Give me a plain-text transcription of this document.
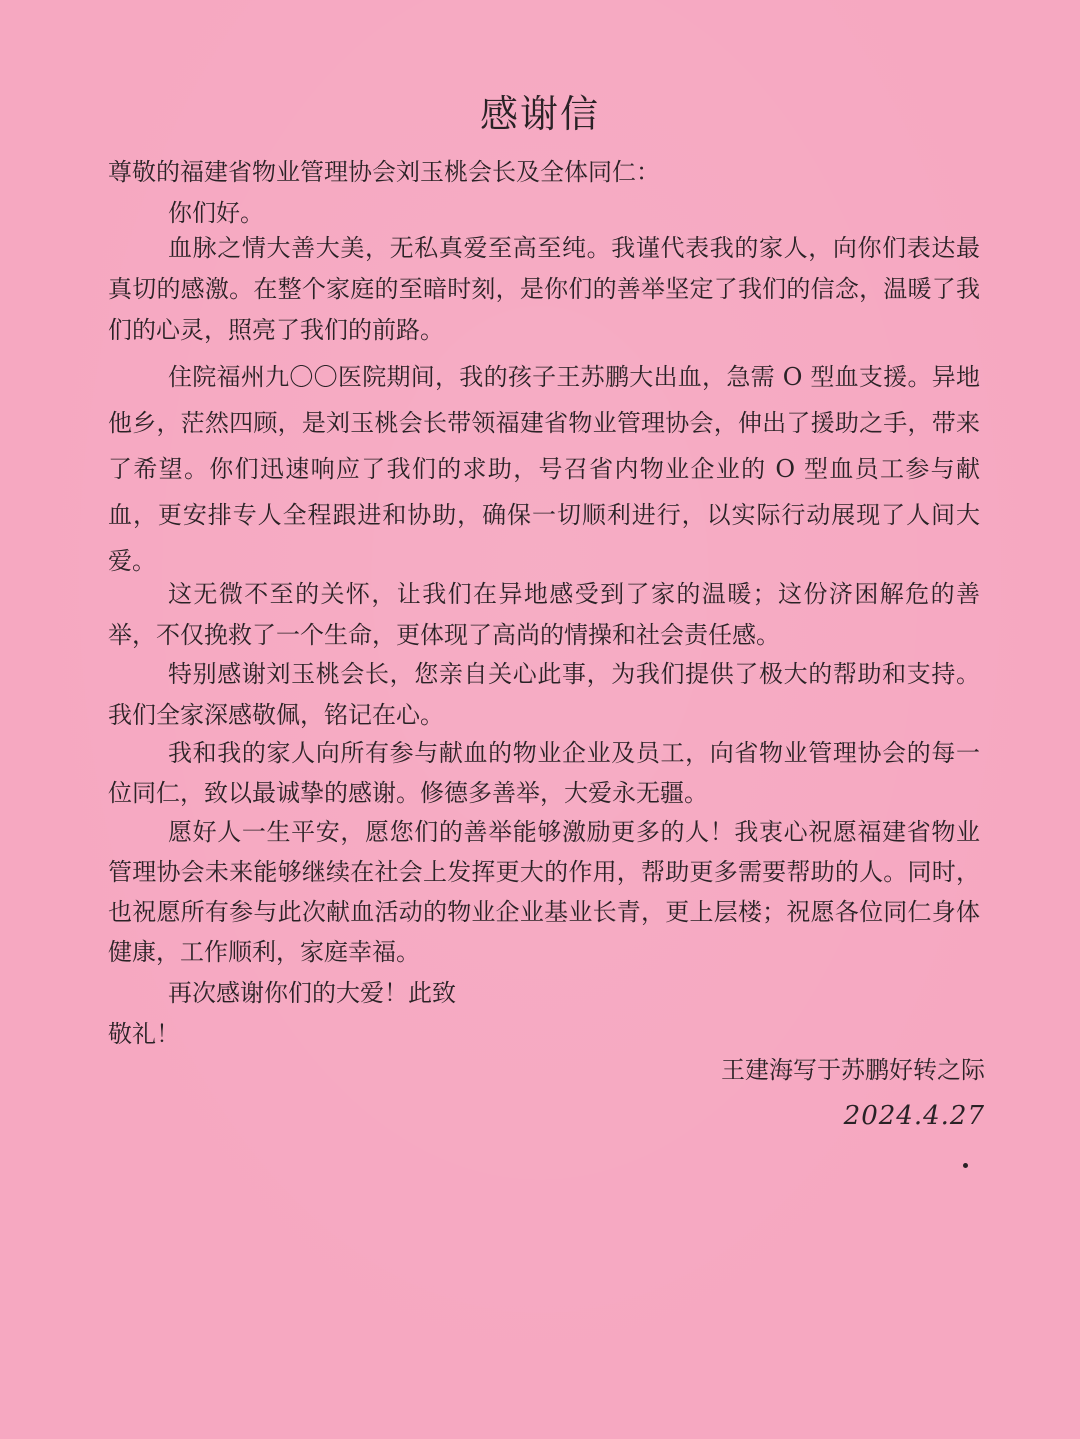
感谢信
尊敬的福建省物业管理协会刘玉桃会长及全体同仁：
你们好。

血脉之情大善大美，无私真爱至高至纯。我谨代表我的家人，向你们表达最真切的感激。在整个家庭的至暗时刻，是你们的善举坚定了我们的信念，温暖了我们的心灵，照亮了我们的前路。

住院福州九〇〇医院期间，我的孩子王苏鹏大出血，急需 O 型血支援。异地他乡，茫然四顾，是刘玉桃会长带领福建省物业管理协会，伸出了援助之手，带来了希望。你们迅速响应了我们的求助，号召省内物业企业的 O 型血员工参与献血，更安排专人全程跟进和协助，确保一切顺利进行，以实际行动展现了人间大爱。

这无微不至的关怀，让我们在异地感受到了家的温暖；这份济困解危的善举，不仅挽救了一个生命，更体现了高尚的情操和社会责任感。

特别感谢刘玉桃会长，您亲自关心此事，为我们提供了极大的帮助和支持。我们全家深感敬佩，铭记在心。

我和我的家人向所有参与献血的物业企业及员工，向省物业管理协会的每一位同仁，致以最诚挚的感谢。修德多善举，大爱永无疆。

愿好人一生平安，愿您们的善举能够激励更多的人！我衷心祝愿福建省物业管理协会未来能够继续在社会上发挥更大的作用，帮助更多需要帮助的人。同时，也祝愿所有参与此次献血活动的物业企业基业长青，更上层楼；祝愿各位同仁身体健康，工作顺利，家庭幸福。

再次感谢你们的大爱！此致

敬礼！
王建海写于苏鹏好转之际
2024.4.27
